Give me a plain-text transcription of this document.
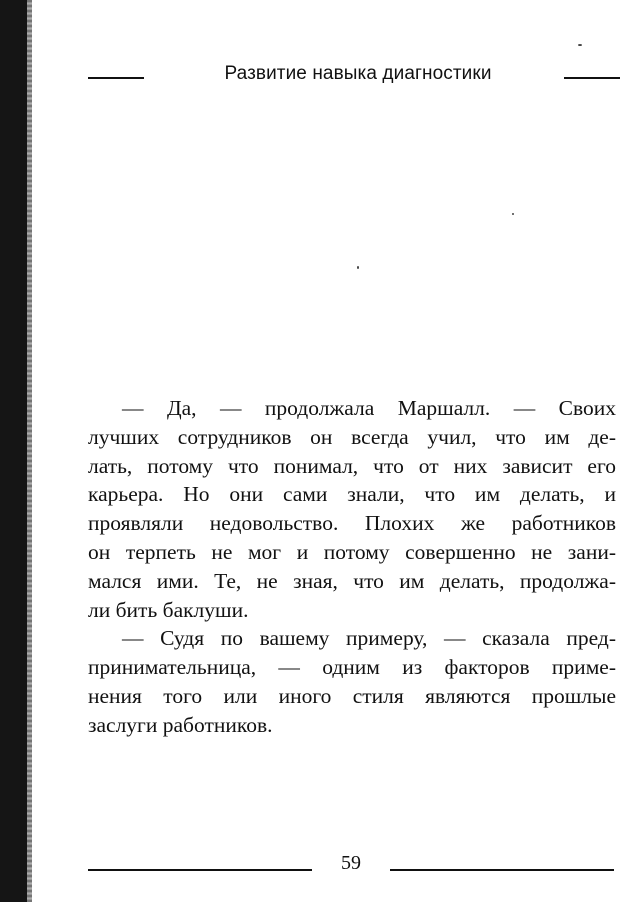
Развитие навыка диагностики
— Да, — продолжала Маршалл. — Своих
лучших сотрудников он всегда учил, что им де-
лать, потому что понимал, что от них зависит его
карьера. Но они сами знали, что им делать, и
проявляли недовольство. Плохих же работников
он терпеть не мог и потому совершенно не зани-
мался ими. Те, не зная, что им делать, продолжа-
ли бить баклуши.
— Судя по вашему примеру, — сказала пред-
принимательница, — одним из факторов приме-
нения того или иного стиля являются прошлые
заслуги работников.
59
